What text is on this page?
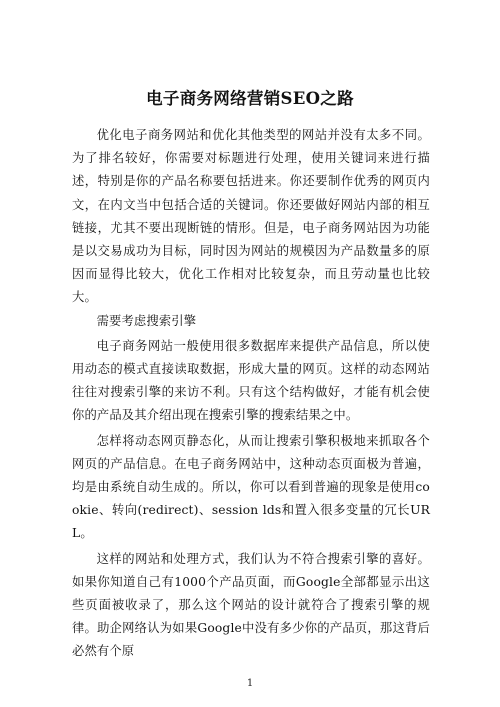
电子商务网络营销SEO之路

优化电子商务网站和优化其他类型的网站并没有太多不同。为了排名较好，你需要对标题进行处理，使用关键词来进行描述，特别是你的产品名称要包括进来。你还要制作优秀的网页内文，在内文当中包括合适的关键词。你还要做好网站内部的相互链接，尤其不要出现断链的情形。但是，电子商务网站因为功能是以交易成功为目标，同时因为网站的规模因为产品数量多的原因而显得比较大，优化工作相对比较复杂，而且劳动量也比较大。

需要考虑搜索引擎

电子商务网站一般使用很多数据库来提供产品信息，所以使用动态的模式直接读取数据，形成大量的网页。这样的动态网站往往对搜索引擎的来访不利。只有这个结构做好，才能有机会使你的产品及其介绍出现在搜索引擎的搜索结果之中。

怎样将动态网页静态化，从而让搜索引擎积极地来抓取各个网页的产品信息。在电子商务网站中，这种动态页面极为普遍，均是由系统自动生成的。所以，你可以看到普遍的现象是使用cookie、转向(redirect)、session lds和置入很多变量的冗长URL。

这样的网站和处理方式，我们认为不符合搜索引擎的喜好。如果你知道自己有1000个产品页面，而Google全部都显示出这些页面被收录了，那么这个网站的设计就符合了搜索引擎的规律。助企网络认为如果Google中没有多少你的产品页，那这背后必然有个原

1
